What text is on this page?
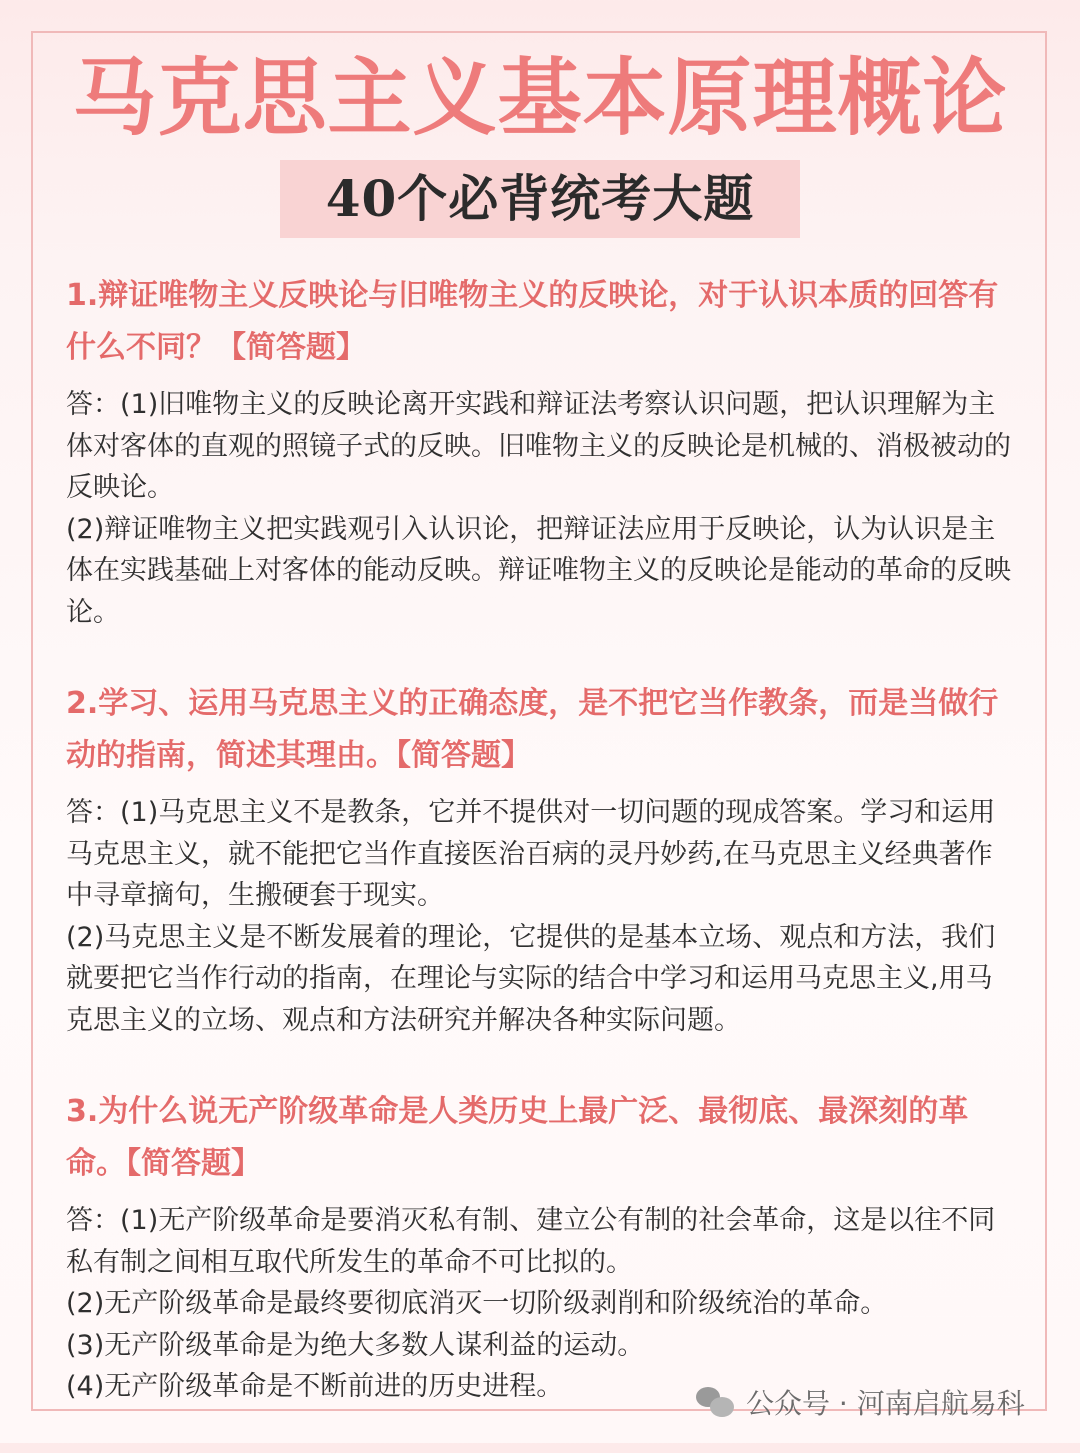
马克思主义基本原理概论
40个必背统考大题
1.辩证唯物主义反映论与旧唯物主义的反映论，对于认识本质的回答有什么不同？【简答题】

答：(1)旧唯物主义的反映论离开实践和辩证法考察认识问题，把认识理解为主体对客体的直观的照镜子式的反映。旧唯物主义的反映论是机械的、消极被动的反映论。

(2)辩证唯物主义把实践观引入认识论，把辩证法应用于反映论，认为认识是主体在实践基础上对客体的能动反映。辩证唯物主义的反映论是能动的革命的反映论。

2.学习、运用马克思主义的正确态度，是不把它当作教条，而是当做行动的指南，简述其理由。【简答题】

答：(1)马克思主义不是教条，它并不提供对一切问题的现成答案。学习和运用马克思主义，就不能把它当作直接医治百病的灵丹妙药,在马克思主义经典著作中寻章摘句，生搬硬套于现实。

(2)马克思主义是不断发展着的理论，它提供的是基本立场、观点和方法，我们就要把它当作行动的指南，在理论与实际的结合中学习和运用马克思主义,用马克思主义的立场、观点和方法研究并解决各种实际问题。

3.为什么说无产阶级革命是人类历史上最广泛、最彻底、最深刻的革命。【简答题】

答：(1)无产阶级革命是要消灭私有制、建立公有制的社会革命，这是以往不同私有制之间相互取代所发生的革命不可比拟的。

(2)无产阶级革命是最终要彻底消灭一切阶级剥削和阶级统治的革命。

(3)无产阶级革命是为绝大多数人谋利益的运动。

(4)无产阶级革命是不断前进的历史进程。

公众号 · 河南启航易科
